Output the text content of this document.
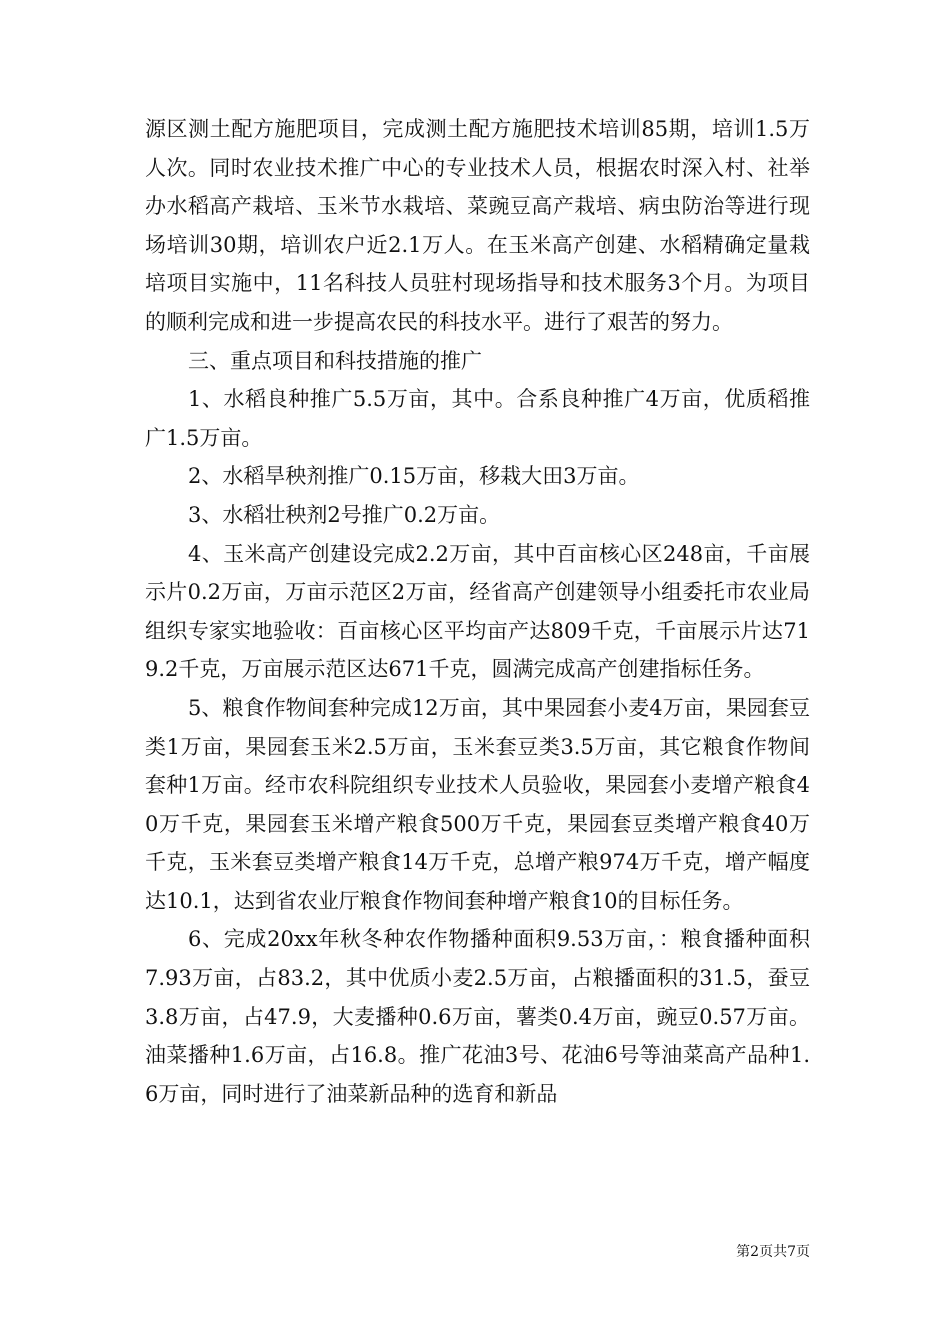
源区测土配方施肥项目，完成测土配方施肥技术培训85期，培训1.5万人次。同时农业技术推广中心的专业技术人员，根据农时深入村、社举办水稻高产栽培、玉米节水栽培、菜豌豆高产栽培、病虫防治等进行现场培训30期，培训农户近2.1万人。在玉米高产创建、水稻精确定量栽培项目实施中，11名科技人员驻村现场指导和技术服务3个月。为项目的顺利完成和进一步提高农民的科技水平。进行了艰苦的努力。

三、重点项目和科技措施的推广

1、水稻良种推广5.5万亩，其中。合系良种推广4万亩，优质稻推广1.5万亩。

2、水稻旱秧剂推广0.15万亩，移栽大田3万亩。

3、水稻壮秧剂2号推广0.2万亩。

4、玉米高产创建设完成2.2万亩，其中百亩核心区248亩，千亩展示片0.2万亩，万亩示范区2万亩，经省高产创建领导小组委托市农业局组织专家实地验收：百亩核心区平均亩产达809千克，千亩展示片达719.2千克，万亩展示范区达671千克，圆满完成高产创建指标任务。

5、粮食作物间套种完成12万亩，其中果园套小麦4万亩，果园套豆类1万亩，果园套玉米2.5万亩，玉米套豆类3.5万亩，其它粮食作物间套种1万亩。经市农科院组织专业技术人员验收，果园套小麦增产粮食40万千克，果园套玉米增产粮食500万千克，果园套豆类增产粮食40万千克，玉米套豆类增产粮食14万千克，总增产粮974万千克，增产幅度达10.1，达到省农业厅粮食作物间套种增产粮食10的目标任务。

6、完成20xx年秋冬种农作物播种面积9.53万亩，：粮食播种面积7.93万亩，占83.2，其中优质小麦2.5万亩，占粮播面积的31.5，蚕豆3.8万亩，占47.9，大麦播种0.6万亩，薯类0.4万亩，豌豆0.57万亩。油菜播种1.6万亩，占16.8。推广花油3号、花油6号等油菜高产品种1.6万亩，同时进行了油菜新品种的选育和新品

第2页共7页
